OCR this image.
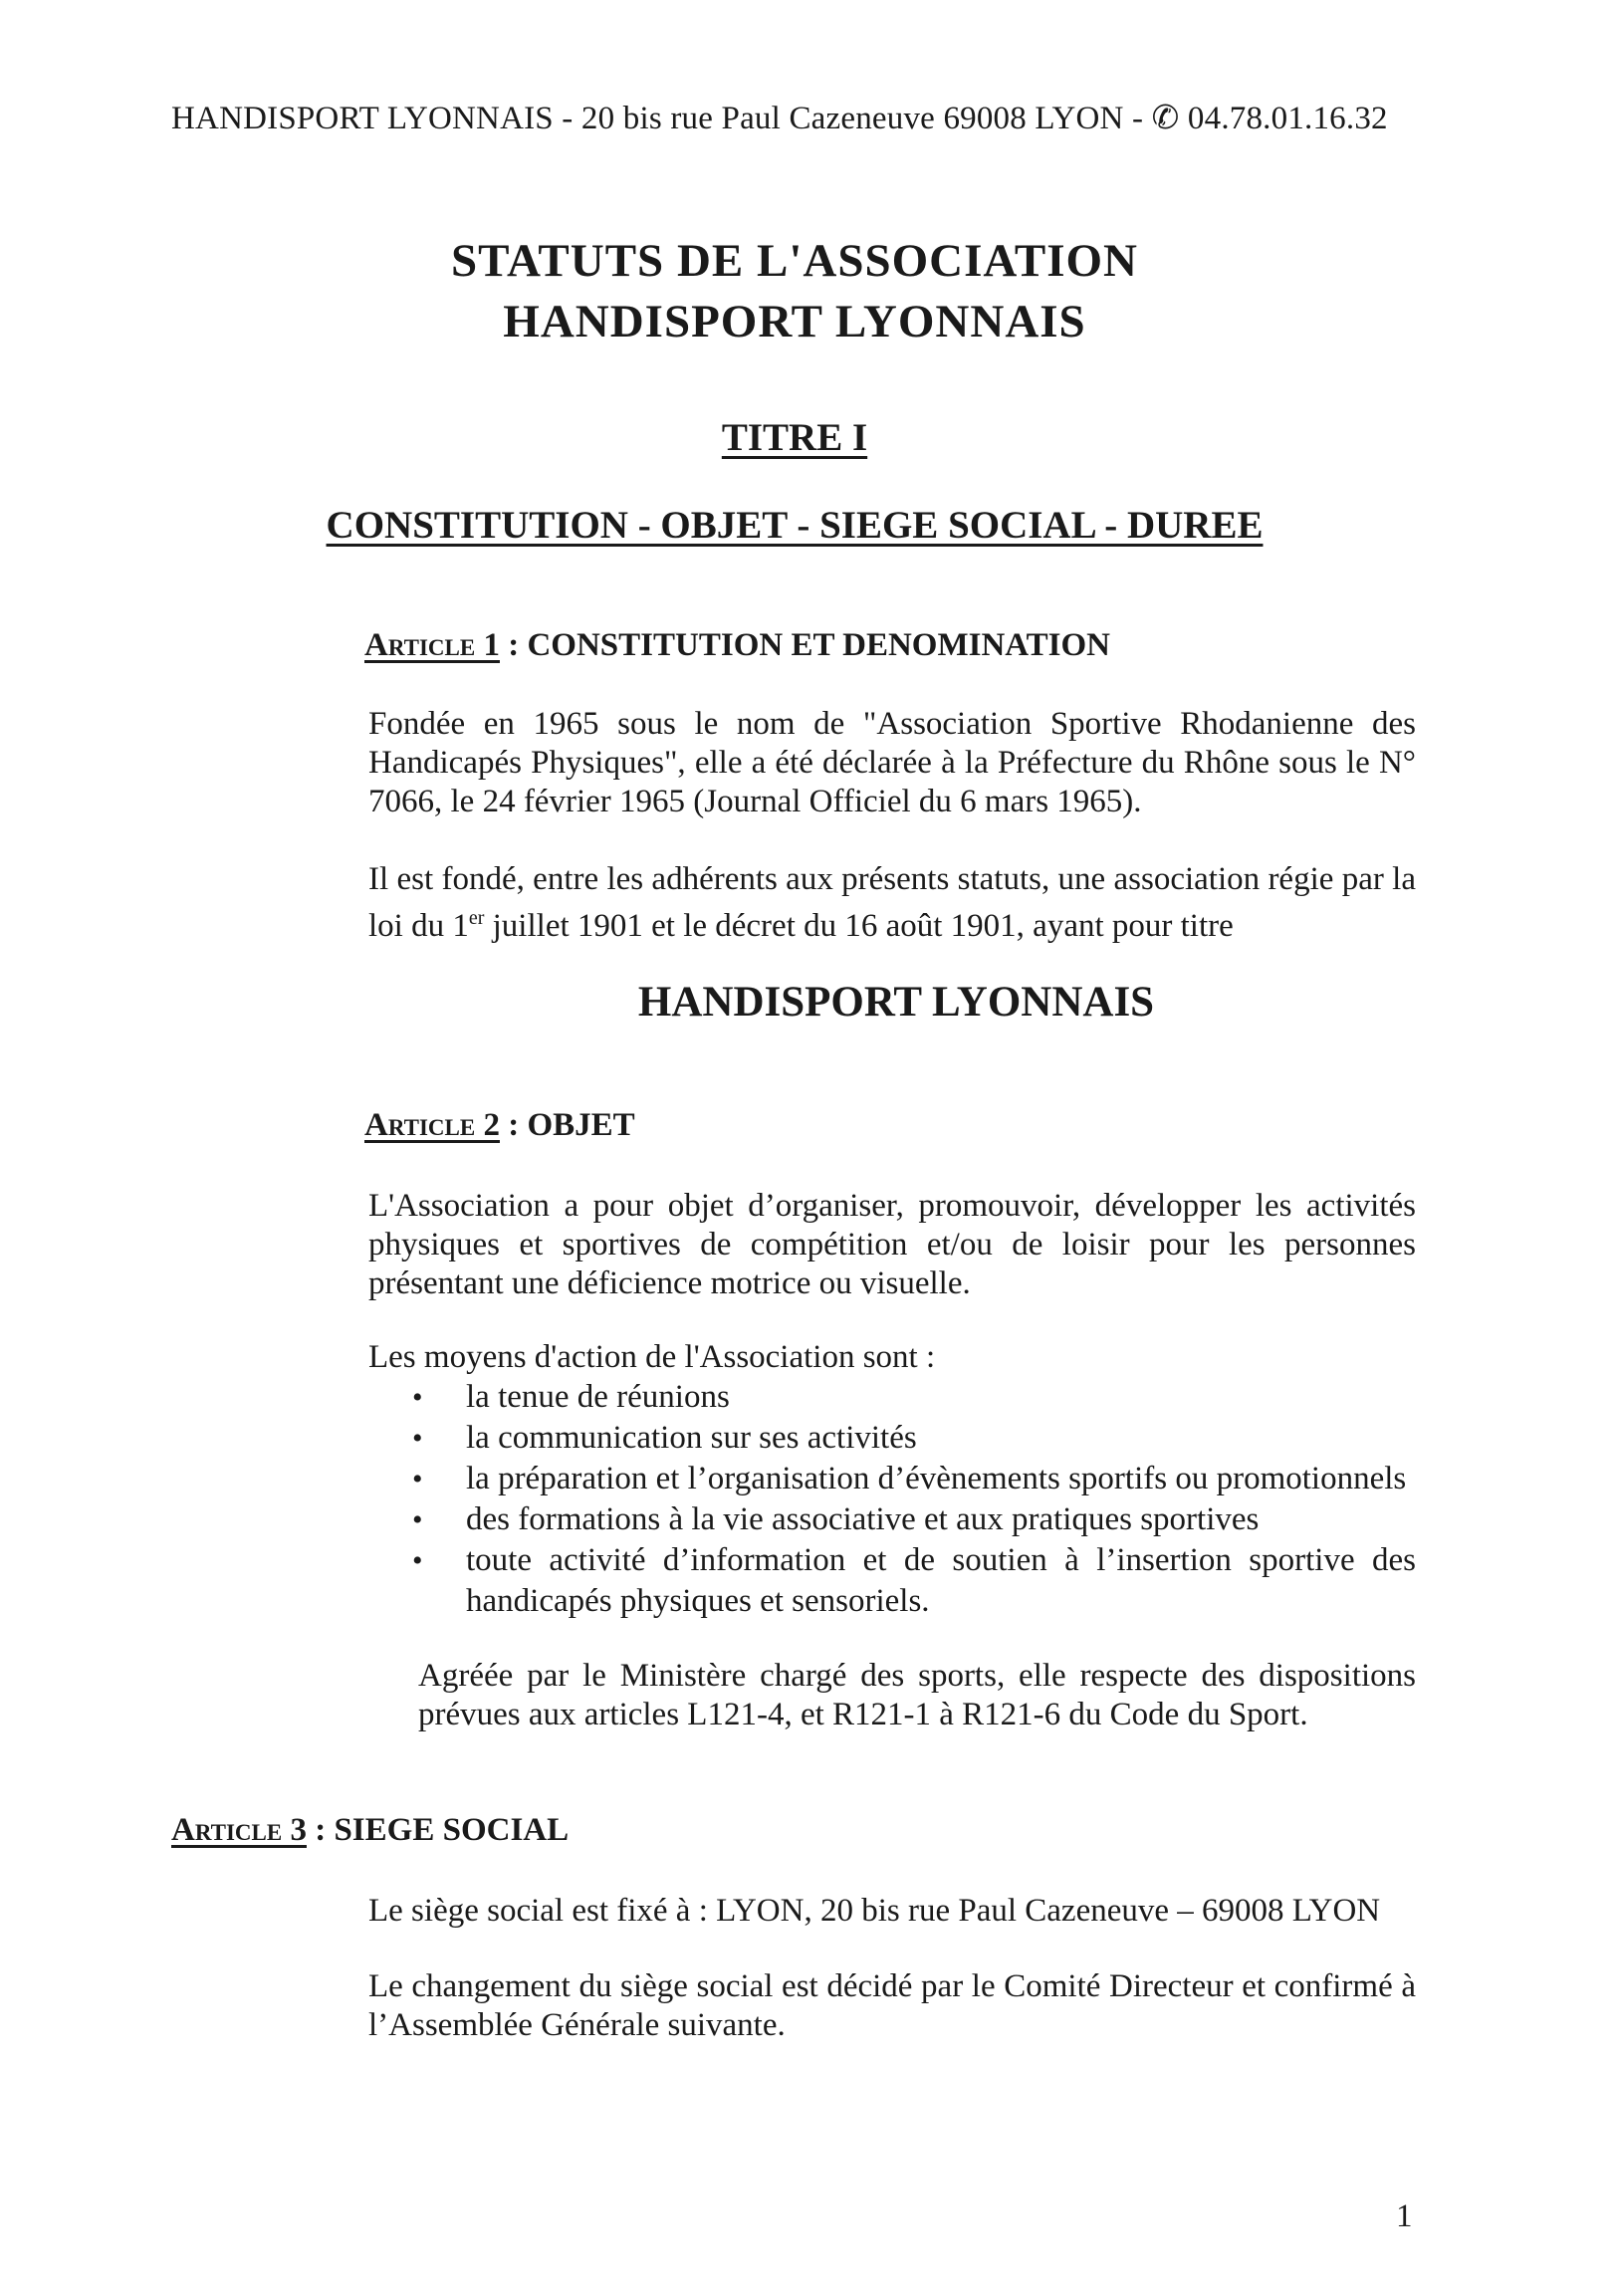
HANDISPORT LYONNAIS - 20 bis rue Paul Cazeneuve 69008 LYON - ✆ 04.78.01.16.32
STATUTS DE L'ASSOCIATION
HANDISPORT LYONNAIS
TITRE I
CONSTITUTION - OBJET - SIEGE SOCIAL - DUREE
Article 1 : CONSTITUTION ET DENOMINATION
Fondée en 1965 sous le nom de "Association Sportive Rhodanienne des Handicapés Physiques", elle a été déclarée à la Préfecture du Rhône sous le N° 7066, le 24 février 1965 (Journal Officiel du 6 mars 1965).
Il est fondé, entre les adhérents aux présents statuts, une association régie par la loi du 1er juillet 1901 et le décret du 16 août 1901, ayant pour titre
HANDISPORT LYONNAIS
Article 2 : OBJET
L'Association a pour objet d’organiser, promouvoir, développer les activités physiques et sportives de compétition et/ou de loisir pour les personnes présentant une déficience motrice ou visuelle.
Les moyens d'action de l'Association sont :
• la tenue de réunions
• la communication sur ses activités
• la préparation et l’organisation d’évènements sportifs ou promotionnels
• des formations à la vie associative et aux pratiques sportives
• toute activité d’information et de soutien à l’insertion sportive des handicapés physiques et sensoriels.
Agréée par le Ministère chargé des sports, elle respecte des dispositions prévues aux articles L121-4, et R121-1 à R121-6 du Code du Sport.
Article 3 : SIEGE SOCIAL
Le siège social est fixé à : LYON, 20 bis rue Paul Cazeneuve – 69008 LYON
Le changement du siège social est décidé par le Comité Directeur et confirmé à l’Assemblée Générale suivante.
1
